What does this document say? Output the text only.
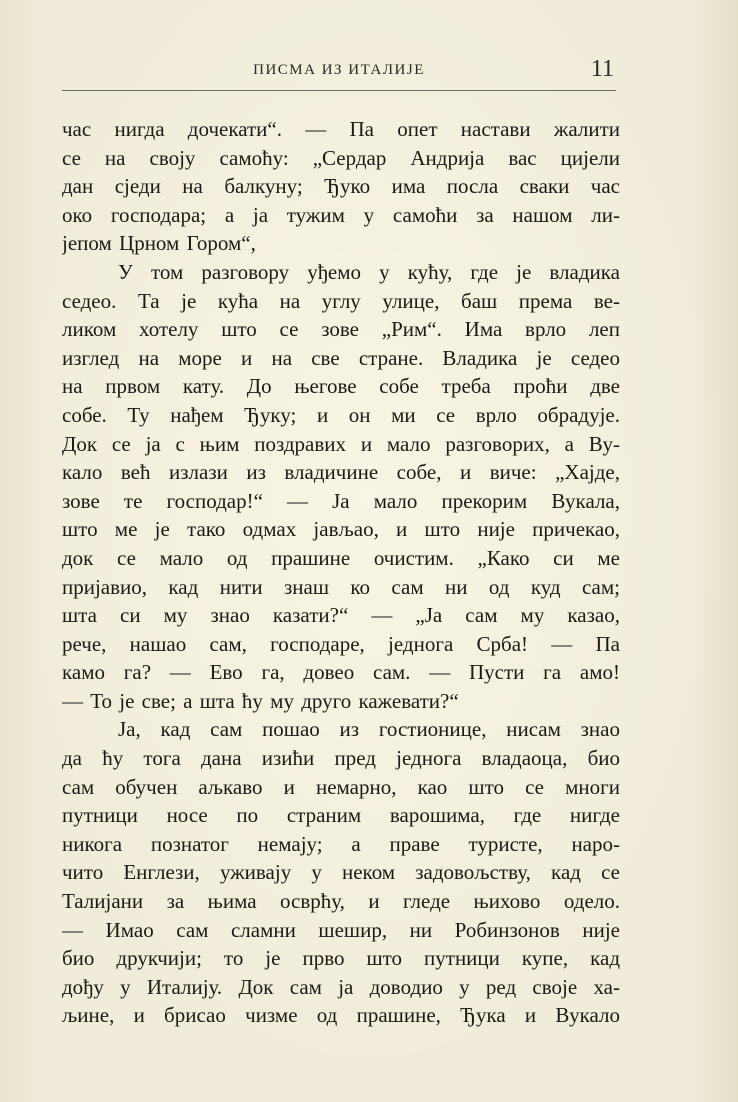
ПИСМА ИЗ ИТАЛИЈЕ	11
час нигда дочекати“. — Па опет настави жалити
се на своју самоћу: „Сердар Андрија вас цијели
дан сједи на балкуну; Ђуко има посла сваки час
око господара; а ја тужим у самоћи за нашом ли-
јепом Црном Гором“,
У том разговору уђемо у кућу, где је владика
седео. Та је кућа на углу улице, баш према ве-
ликом хотелу што се зове „Рим“. Има врло леп
изглед на море и на све стране. Владика је седео
на првом кату. До његове собе треба проћи две
собе. Ту нађем Ђуку; и он ми се врло обрадује.
Док се ја с њим поздравих и мало разговорих, а Ву-
кало већ излази из владичине собе, и виче: „Хајде,
зове те господар!“ — Ја мало прекорим Вукала,
што ме је тако одмах јављао, и што није причекао,
док се мало од прашине очистим. „Како си ме
пријавио, кад нити знаш ко сам ни од куд сам;
шта си му знао казати?“ — „Ја сам му казао,
рече, нашао сам, господаре, једнога Срба! — Па
камо га? — Ево га, довео сам. — Пусти га амо!
— То је све; а шта ћу му друго кажевати?“
Ја, кад сам пошао из гостионице, нисам знао
да ћу тога дана изићи пред једнога владаоца, био
сам обучен аљкаво и немарно, као што се многи
путници носе по страним варошима, где нигде
никога познатог немају; а праве туристе, наро-
чито Енглези, уживају у неком задовољству, кад се
Талијани за њима осврћу, и гледе њихово одело.
— Имао сам сламни шешир, ни Робинзонов није
био друкчији; то је прво што путници купе, кад
дођу у Италију. Док сам ја доводио у ред своје ха-
љине, и брисао чизме од прашине, Ђука и Вукало
